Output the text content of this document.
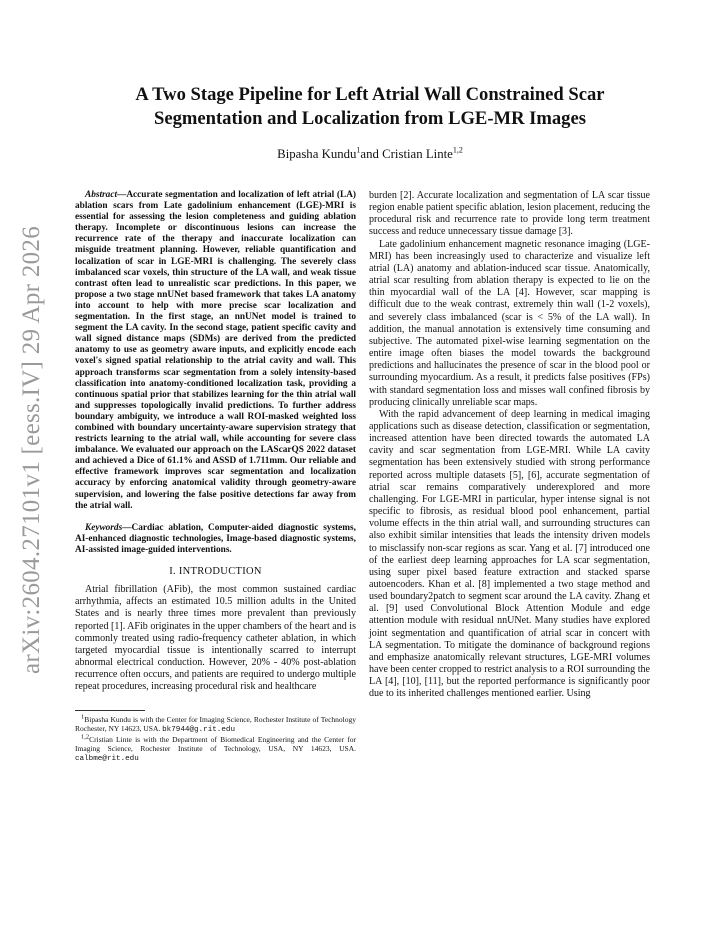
arXiv:2604.27101v1 [eess.IV] 29 Apr 2026
A Two Stage Pipeline for Left Atrial Wall Constrained Scar Segmentation and Localization from LGE-MR Images
Bipasha Kundu$^1$and Cristian Linte$^{1,2}$

Abstract—Accurate segmentation and localization of left atrial (LA) ablation scars from Late gadolinium enhancement (LGE)-MRI is essential for assessing the lesion completeness and guiding ablation therapy. Incomplete or discontinuous lesions can increase the recurrence rate of the therapy and inaccurate localization can misguide treatment planning. However, reliable quantification and localization of scar in LGE-MRI is challenging. The severely class imbalanced scar voxels, thin structure of the LA wall, and weak tissue contrast often lead to unrealistic scar predictions. In this paper, we propose a two stage nnUNet based framework that takes LA anatomy into account to help with more precise scar localization and segmentation. In the first stage, an nnUNet model is trained to segment the LA cavity. In the second stage, patient specific cavity and wall signed distance maps (SDMs) are derived from the predicted anatomy to use as geometry aware inputs, and explicitly encode each voxel's signed spatial relationship to the atrial cavity and wall. This approach transforms scar segmentation from a solely intensity-based classification into anatomy-conditioned localization task, providing a continuous spatial prior that stabilizes learning for the thin atrial wall and suppresses topologically invalid predictions. To further address boundary ambiguity, we introduce a wall ROI-masked weighted loss combined with boundary uncertainty-aware supervision strategy that restricts learning to the atrial wall, while accounting for severe class imbalance. We evaluated our approach on the LAScarQS 2022 dataset and achieved a Dice of 61.1% and ASSD of 1.711mm. Our reliable and effective framework improves scar segmentation and localization accuracy by enforcing anatomical validity through geometry-aware supervision, and lowering the false positive detections far away from the atrial wall.

Keywords—Cardiac ablation, Computer-aided diagnostic systems, AI-enhanced diagnostic technologies, Image-based diagnostic systems, AI-assisted image-guided interventions.

I. INTRODUCTION

Atrial fibrillation (AFib), the most common sustained cardiac arrhythmia, affects an estimated 10.5 million adults in the United States and is nearly three times more prevalent than previously reported [1]. AFib originates in the upper chambers of the heart and is commonly treated using radio-frequency catheter ablation, in which targeted myocardial tissue is intentionally scarred to interrupt abnormal electrical conduction. However, 20% - 40% post-ablation recurrence often occurs, and patients are required to undergo multiple repeat procedures, increasing procedural risk and healthcare

$^1$Bipasha Kundu is with the Center for Imaging Science, Rochester Institute of Technology Rochester, NY 14623, USA. bk7944@g.rit.edu

$^{1,2}$Cristian Linte is with the Department of Biomedical Engineering and the Center for Imaging Science, Rochester Institute of Technology, USA, NY 14623, USA. calbme@rit.edu

burden [2]. Accurate localization and segmentation of LA scar tissue region enable patient specific ablation, lesion placement, reducing the procedural risk and recurrence rate to provide long term treatment success and reduce unnecessary tissue damage [3].

Late gadolinium enhancement magnetic resonance imaging (LGE-MRI) has been increasingly used to characterize and visualize left atrial (LA) anatomy and ablation-induced scar tissue. Anatomically, atrial scar resulting from ablation therapy is expected to lie on the thin myocardial wall of the LA [4]. However, scar mapping is difficult due to the weak contrast, extremely thin wall (1-2 voxels), and severely class imbalanced (scar is < 5% of the LA wall). In addition, the manual annotation is extensively time consuming and subjective. The automated pixel-wise learning segmentation on the entire image often biases the model towards the background predictions and hallucinates the presence of scar in the blood pool or surrounding myocardium. As a result, it predicts false positives (FPs) with standard segmentation loss and misses wall confined fibrosis by producing clinically unreliable scar maps.

With the rapid advancement of deep learning in medical imaging applications such as disease detection, classification or segmentation, increased attention have been directed towards the automated LA cavity and scar segmentation from LGE-MRI. While LA cavity segmentation has been extensively studied with strong performance reported across multiple datasets [5], [6], accurate segmentation of atrial scar remains comparatively underexplored and more challenging. For LGE-MRI in particular, hyper intense signal is not specific to fibrosis, as residual blood pool enhancement, partial volume effects in the thin atrial wall, and surrounding structures can also exhibit similar intensities that leads the intensity driven models to misclassify non-scar regions as scar. Yang et al. [7] introduced one of the earliest deep learning approaches for LA scar segmentation, using super pixel based feature extraction and stacked sparse autoencoders. Khan et al. [8] implemented a two stage method and used boundary2patch to segment scar around the LA cavity. Zhang et al. [9] used Convolutional Block Attention Module and edge attention module with residual nnUNet. Many studies have explored joint segmentation and quantification of atrial scar in concert with LA segmentation. To mitigate the dominance of background regions and emphasize anatomically relevant structures, LGE-MRI volumes have been center cropped to restrict analysis to a ROI surrounding the LA [4], [10], [11], but the reported performance is significantly poor due to its inherited challenges mentioned earlier. Using
